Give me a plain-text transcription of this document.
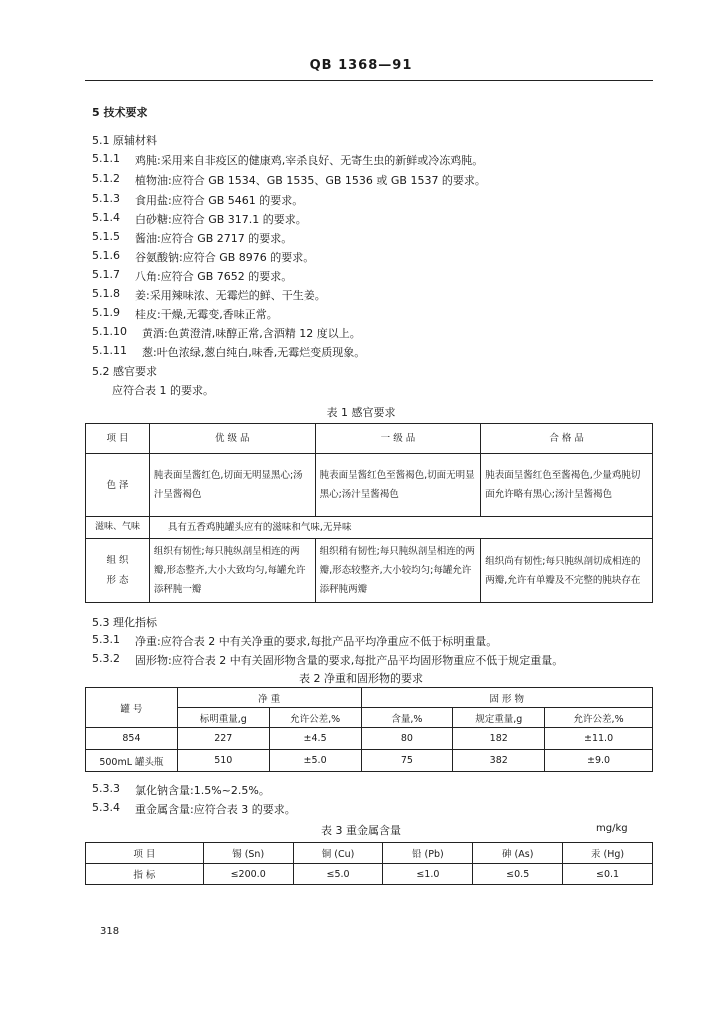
QB 1368—91
5 技术要求
5.1 原辅材料
5.1.1 鸡肫:采用来自非疫区的健康鸡,宰杀良好、无寄生虫的新鲜或冷冻鸡肫。
5.1.2 植物油:应符合 GB 1534、GB 1535、GB 1536 或 GB 1537 的要求。
5.1.3 食用盐:应符合 GB 5461 的要求。
5.1.4 白砂糖:应符合 GB 317.1 的要求。
5.1.5 酱油:应符合 GB 2717 的要求。
5.1.6 谷氨酸钠:应符合 GB 8976 的要求。
5.1.7 八角:应符合 GB 7652 的要求。
5.1.8 姜:采用辣味浓、无霉烂的鲜、干生姜。
5.1.9 桂皮:干燥,无霉变,香味正常。
5.1.10 黄酒:色黄澄清,味醇正常,含酒精 12 度以上。
5.1.11 葱:叶色浓绿,葱白纯白,味香,无霉烂变质现象。
5.2 感官要求
应符合表 1 的要求。
表 1 感官要求
项 目	优 级 品	一 级 品	合 格 品
色 泽	肫表面呈酱红色,切面无明显黑心;汤汁呈酱褐色	肫表面呈酱红色至酱褐色,切面无明显黑心;汤汁呈酱褐色	肫表面呈酱红色至酱褐色,少量鸡肫切面允许略有黑心;汤汁呈酱褐色
滋味、气味	具有五香鸡肫罐头应有的滋味和气味,无异味		
组 织
形 态	组织有韧性;每只肫纵剖呈相连的两瓣,形态整齐,大小大致均匀,每罐允许添秤肫一瓣	组织稍有韧性;每只肫纵剖呈相连的两瓣,形态较整齐,大小较均匀;每罐允许添秤肫两瓣	组织尚有韧性;每只肫纵剖切成相连的两瓣,允许有单瓣及不完整的肫块存在
5.3 理化指标
5.3.1 净重:应符合表 2 中有关净重的要求,每批产品平均净重应不低于标明重量。
5.3.2 固形物:应符合表 2 中有关固形物含量的要求,每批产品平均固形物重应不低于规定重量。
表 2 净重和固形物的要求
罐 号	净 重		固 形 物		
	标明重量,g	允许公差,%	含量,%	规定重量,g	允许公差,%
854	227	±4.5	80	182	±11.0
500mL 罐头瓶	510	±5.0	75	382	±9.0
5.3.3 氯化钠含量:1.5%~2.5%。
5.3.4 重金属含量:应符合表 3 的要求。
表 3 重金属含量	mg/kg
项 目	锡 (Sn)	铜 (Cu)	铅 (Pb)	砷 (As)	汞 (Hg)
指 标	≤200.0	≤5.0	≤1.0	≤0.5	≤0.1
318
